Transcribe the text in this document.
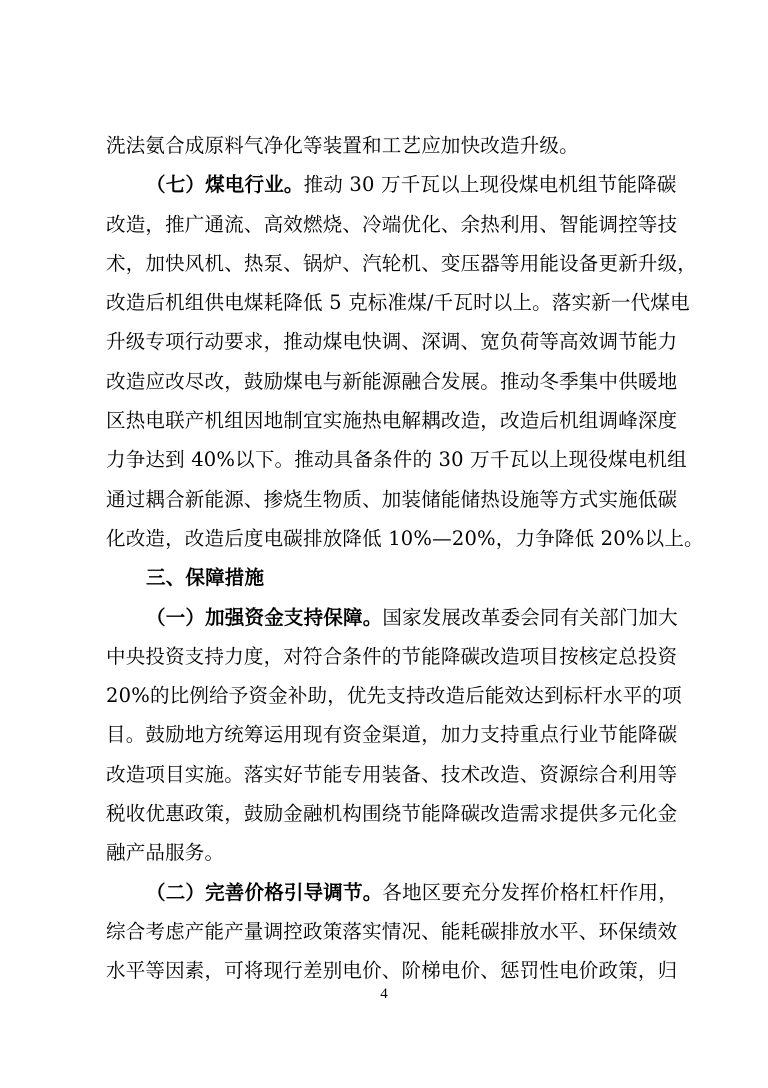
洗法氨合成原料气净化等装置和工艺应加快改造升级。
（七）煤电行业。推动 30 万千瓦以上现役煤电机组节能降碳
改造，推广通流、高效燃烧、冷端优化、余热利用、智能调控等技
术，加快风机、热泵、锅炉、汽轮机、变压器等用能设备更新升级，
改造后机组供电煤耗降低 5 克标准煤/千瓦时以上。落实新一代煤电
升级专项行动要求，推动煤电快调、深调、宽负荷等高效调节能力
改造应改尽改，鼓励煤电与新能源融合发展。推动冬季集中供暖地
区热电联产机组因地制宜实施热电解耦改造，改造后机组调峰深度
力争达到 40%以下。推动具备条件的 30 万千瓦以上现役煤电机组
通过耦合新能源、掺烧生物质、加装储能储热设施等方式实施低碳
化改造，改造后度电碳排放降低 10%—20%，力争降低 20%以上。
三、保障措施
（一）加强资金支持保障。国家发展改革委会同有关部门加大
中央投资支持力度，对符合条件的节能降碳改造项目按核定总投资
20%的比例给予资金补助，优先支持改造后能效达到标杆水平的项
目。鼓励地方统筹运用现有资金渠道，加力支持重点行业节能降碳
改造项目实施。落实好节能专用装备、技术改造、资源综合利用等
税收优惠政策，鼓励金融机构围绕节能降碳改造需求提供多元化金
融产品服务。
（二）完善价格引导调节。各地区要充分发挥价格杠杆作用，
综合考虑产能产量调控政策落实情况、能耗碳排放水平、环保绩效
水平等因素，可将现行差别电价、阶梯电价、惩罚性电价政策，归
4
